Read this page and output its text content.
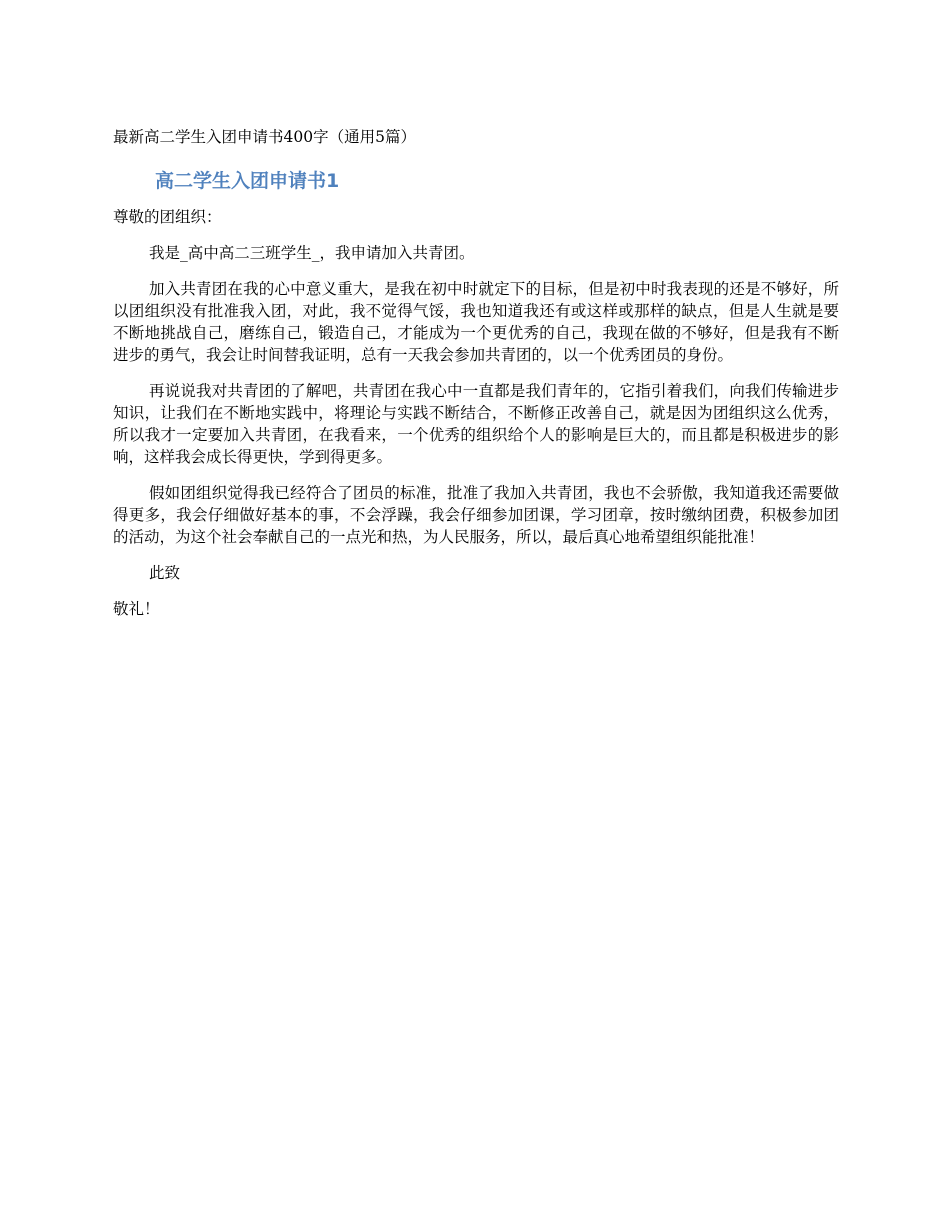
最新高二学生入团申请书400字（通用5篇）

高二学生入团申请书1

尊敬的团组织：

我是_高中高二三班学生_，我申请加入共青团。

加入共青团在我的心中意义重大，是我在初中时就定下的目标，但是初中时我表现的还是不够好，所以团组织没有批准我入团，对此，我不觉得气馁，我也知道我还有或这样或那样的缺点，但是人生就是要不断地挑战自己，磨练自己，锻造自己，才能成为一个更优秀的自己，我现在做的不够好，但是我有不断进步的勇气，我会让时间替我证明，总有一天我会参加共青团的，以一个优秀团员的身份。

再说说我对共青团的了解吧，共青团在我心中一直都是我们青年的，它指引着我们，向我们传输进步知识，让我们在不断地实践中，将理论与实践不断结合，不断修正改善自己，就是因为团组织这么优秀，所以我才一定要加入共青团，在我看来，一个优秀的组织给个人的影响是巨大的，而且都是积极进步的影响，这样我会成长得更快，学到得更多。

假如团组织觉得我已经符合了团员的标准，批准了我加入共青团，我也不会骄傲，我知道我还需要做得更多，我会仔细做好基本的事，不会浮躁，我会仔细参加团课，学习团章，按时缴纳团费，积极参加团的活动，为这个社会奉献自己的一点光和热，为人民服务，所以，最后真心地希望组织能批准！

此致

敬礼！
